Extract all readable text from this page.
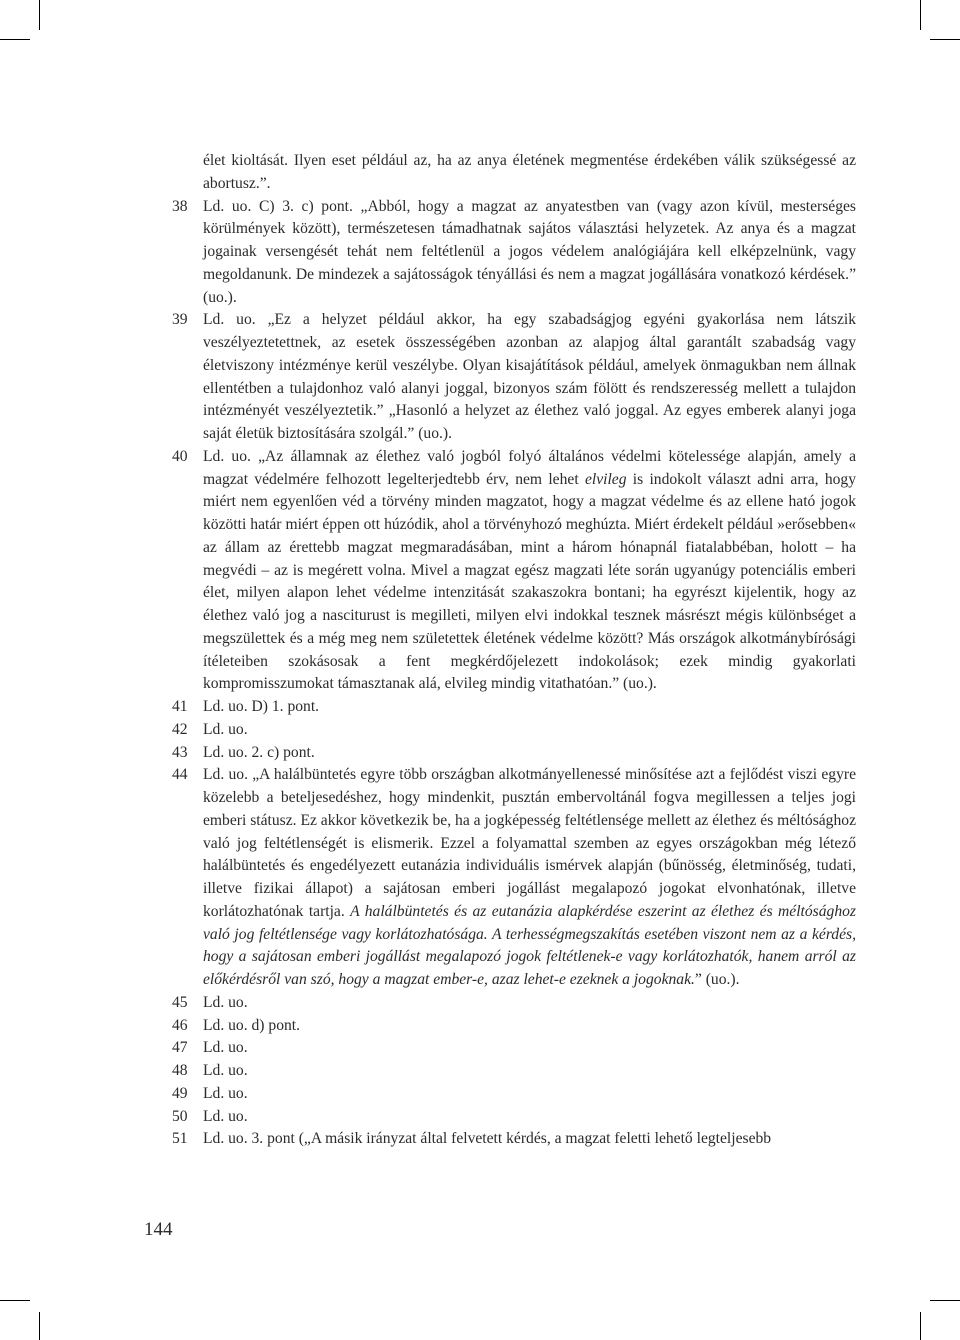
élet kioltását. Ilyen eset például az, ha az anya életének megmentése érdekében válik szükségessé az abortusz.”.

38 Ld. uo. C) 3. c) pont. „Abból, hogy a magzat az anyatestben van (vagy azon kívül, mesterséges körülmények között), természetesen támadhatnak sajátos választási helyzetek. Az anya és a magzat jogainak versengését tehát nem feltétlenül a jogos védelem analógiájára kell elképzelnünk, vagy megoldanunk. De mindezek a sajátosságok tényállási és nem a magzat jogállására vonatkozó kérdések.” (uo.).

39 Ld. uo. „Ez a helyzet például akkor, ha egy szabadságjog egyéni gyakorlása nem látszik veszélyeztetettnek, az esetek összességében azonban az alapjog által garantált szabadság vagy életviszony intézménye kerül veszélybe. Olyan kisajátítások például, amelyek önmagukban nem állnak ellentétben a tulajdonhoz való alanyi joggal, bizonyos szám fölött és rendszeresség mellett a tulajdon intézményét veszélyeztetik.” „Hasonló a helyzet az élethez való joggal. Az egyes emberek alanyi joga saját életük biztosítására szolgál.” (uo.).

40 Ld. uo. „Az államnak az élethez való jogból folyó általános védelmi kötelessége alapján, amely a magzat védelmére felhozott legelterjedtebb érv, nem lehet elvileg is indokolt választ adni arra, hogy miért nem egyenlően véd a törvény minden magzatot, hogy a magzat védelme és az ellene ható jogok közötti határ miért éppen ott húzódik, ahol a törvényhozó meghúzta. Miért érdekelt például »erősebben« az állam az érettebb magzat megmaradásában, mint a három hónapnál fiatalabbéban, holott – ha megvédi – az is megérett volna. Mivel a magzat egész magzati léte során ugyanúgy potenciális emberi élet, milyen alapon lehet védelme intenzitását szakaszokra bontani; ha egyrészt kijelentik, hogy az élethez való jog a nasciturust is megilleti, milyen elvi indokkal tesznek másrészt mégis különbséget a megszülettek és a még meg nem születettek életének védelme között? Más országok alkotmánybírósági ítéleteiben szokásosak a fent megkérdőjelezett indokolások; ezek mindig gyakorlati kompromisszumokat támasztanak alá, elvileg mindig vitathatóan.” (uo.).

41 Ld. uo. D) 1. pont.

42 Ld. uo.

43 Ld. uo. 2. c) pont.

44 Ld. uo. „A halálbüntetés egyre több országban alkotmányellenessé minősítése azt a fejlődést viszi egyre közelebb a beteljesedéshez, hogy mindenkit, pusztán embervoltánál fogva megillessen a teljes jogi emberi státusz. Ez akkor következik be, ha a jogképesség feltétlensége mellett az élethez és méltósághoz való jog feltétlenségét is elismerik. Ezzel a folyamattal szemben az egyes országokban még létező halálbüntetés és engedélyezett eutanázia individuális ismérvek alapján (bűnösség, életminőség, tudati, illetve fizikai állapot) a sajátosan emberi jogállást megalapozó jogokat elvonhatónak, illetve korlátozhatónak tartja. A halálbüntetés és az eutanázia alapkérdése eszerint az élethez és méltósághoz való jog feltétlensége vagy korlátozhatósága. A terhességmegszakítás esetében viszont nem az a kérdés, hogy a sajátosan emberi jogállást megalapozó jogok feltétlenek-e vagy korlátozhatók, hanem arról az előkérdésről van szó, hogy a magzat ember-e, azaz lehet-e ezeknek a jogoknak.” (uo.).

45 Ld. uo.

46 Ld. uo. d) pont.

47 Ld. uo.

48 Ld. uo.

49 Ld. uo.

50 Ld. uo.

51 Ld. uo. 3. pont („A másik irányzat által felvetett kérdés, a magzat feletti lehető legteljesebb

144
